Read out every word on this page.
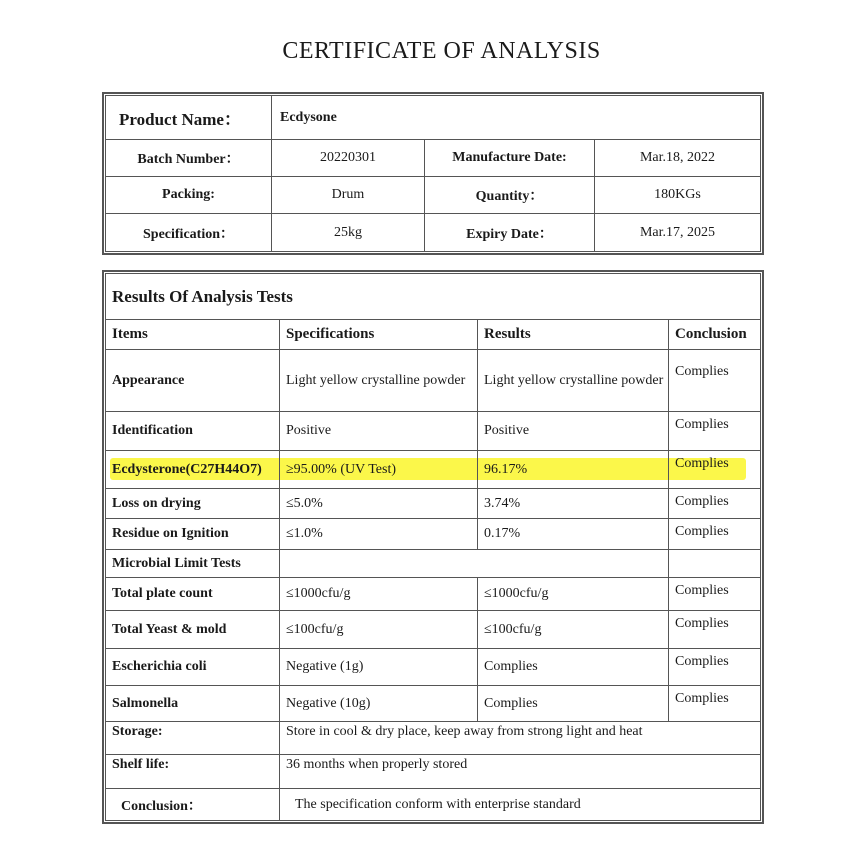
CERTIFICATE OF ANALYSIS
Product Name：	Ecdysone		
Batch Number：	20220301	Manufacture Date:	Mar.18, 2022
Packing:	Drum	Quantity：	180KGs
Specification：	25kg	Expiry Date：	Mar.17, 2025
Results Of Analysis Tests			
Items	Specifications	Results	Conclusion
Appearance	Light yellow crystalline powder	Light yellow crystalline powder	Complies
Identification	Positive	Positive	Complies
Ecdysterone(C27H44O7)	≥95.00% (UV Test)	96.17%	Complies
Loss on drying	≤5.0%	3.74%	Complies
Residue on Ignition	≤1.0%	0.17%	Complies
Microbial Limit Tests			
Total plate count	≤1000cfu/g	≤1000cfu/g	Complies
Total Yeast & mold	≤100cfu/g	≤100cfu/g	Complies
Escherichia coli	Negative (1g)	Complies	Complies
Salmonella	Negative (10g)	Complies	Complies
Storage:	Store in cool & dry place, keep away from strong light and heat		
Shelf life:	36 months when properly stored		
Conclusion：	The specification conform with enterprise standard		
